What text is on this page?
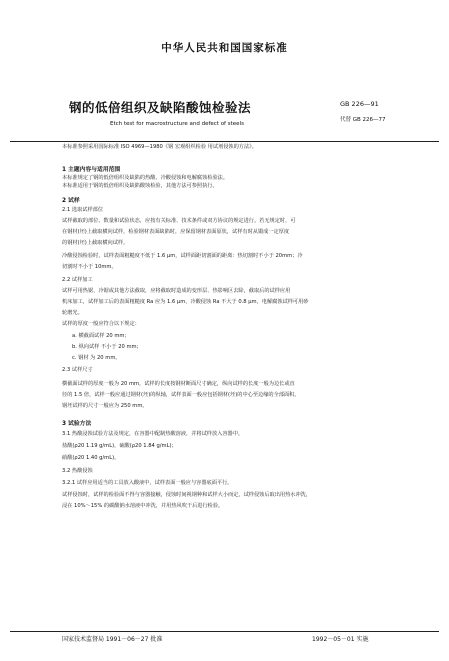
中华人民共和国国家标准
钢的低倍组织及缺陷酸蚀检验法
Etch test for macrostructure and defect of steels
GB 226—91
代替 GB 226—77
本标准参照采用国际标准 ISO 4969—1980《钢 宏观组织检验 用试剂侵蚀的方法》。
1 主题内容与适用范围
本标准规定了钢的低倍组织及缺陷的热酸、冷酸侵蚀和电解腐蚀检验法。
本标准适用于钢的低倍组织及缺陷酸蚀检验，其他方法可参照执行。
2 试样
2.1 选取试样部位
试样截取的部位、数量和试验状态，应按有关标准、技术条件或双方协议的规定进行。若无规定时，可
在钢材(坯)上截取横向试样，检验钢材表面缺陷时，应保留钢材表面原状，试样有时从锻成一定厚度
的钢材(坯)上截取横向试样。
冷酸侵蚀检验时，试样表面粗糙度不低于 1.6 μm，试样面距切割面的距离：热切割时不小于 20mm；冷
切割时不小于 10mm。
2.2 试样加工
试样可用热锯、冷锯或其他方法截取，应将截取时造成的变形层、热影响区去除，截取后的试样应用
机床加工，试样加工后的表面粗糙度 Ra 应为 1.6 μm，冷酸侵蚀 Ra 不大于 0.8 μm，电解腐蚀试样可用砂
轮磨光。
试样的厚度一般应符合以下规定：
a. 横截面试样 20 mm；
b. 纵向试样 不小于 20 mm；
c. 钢材 为 20 mm。
2.3 试样尺寸
横截面试样的厚度一般为 20 mm，试样的长度按钢材断面尺寸确定，纵向试样的长度一般为边长或直
径的 1.5 倍，试样一般应通过钢材(坯)的纵轴，试样表面一般应包括钢材(坯)的中心至边缘的全部面积。
钢坯试样的尺寸一般应为 250 mm。
3 试验方法
3.1 热酸浸蚀试验方法及规定，在容器中配制热酸溶液，并将试样放入容器中。
盐酸(ρ20 1.19 g/mL)，硫酸(ρ20 1.84 g/mL)；
硝酸(ρ20 1.40 g/mL)。
3.2 热酸侵蚀
3.2.1 试样应用适当的工具放入酸液中，试样表面一般应与容器底面平行。
试样侵蚀时，试样的检验面不得与容器接触，侵蚀时间视钢种和试样大小而定，试样侵蚀后取出用热水冲洗，
浸在 10%～15% 的碳酸钠水溶液中冲洗，并用热风吹干后进行检验。
国家技术监督局 1991－06－27 批准	1992－05－01 实施
